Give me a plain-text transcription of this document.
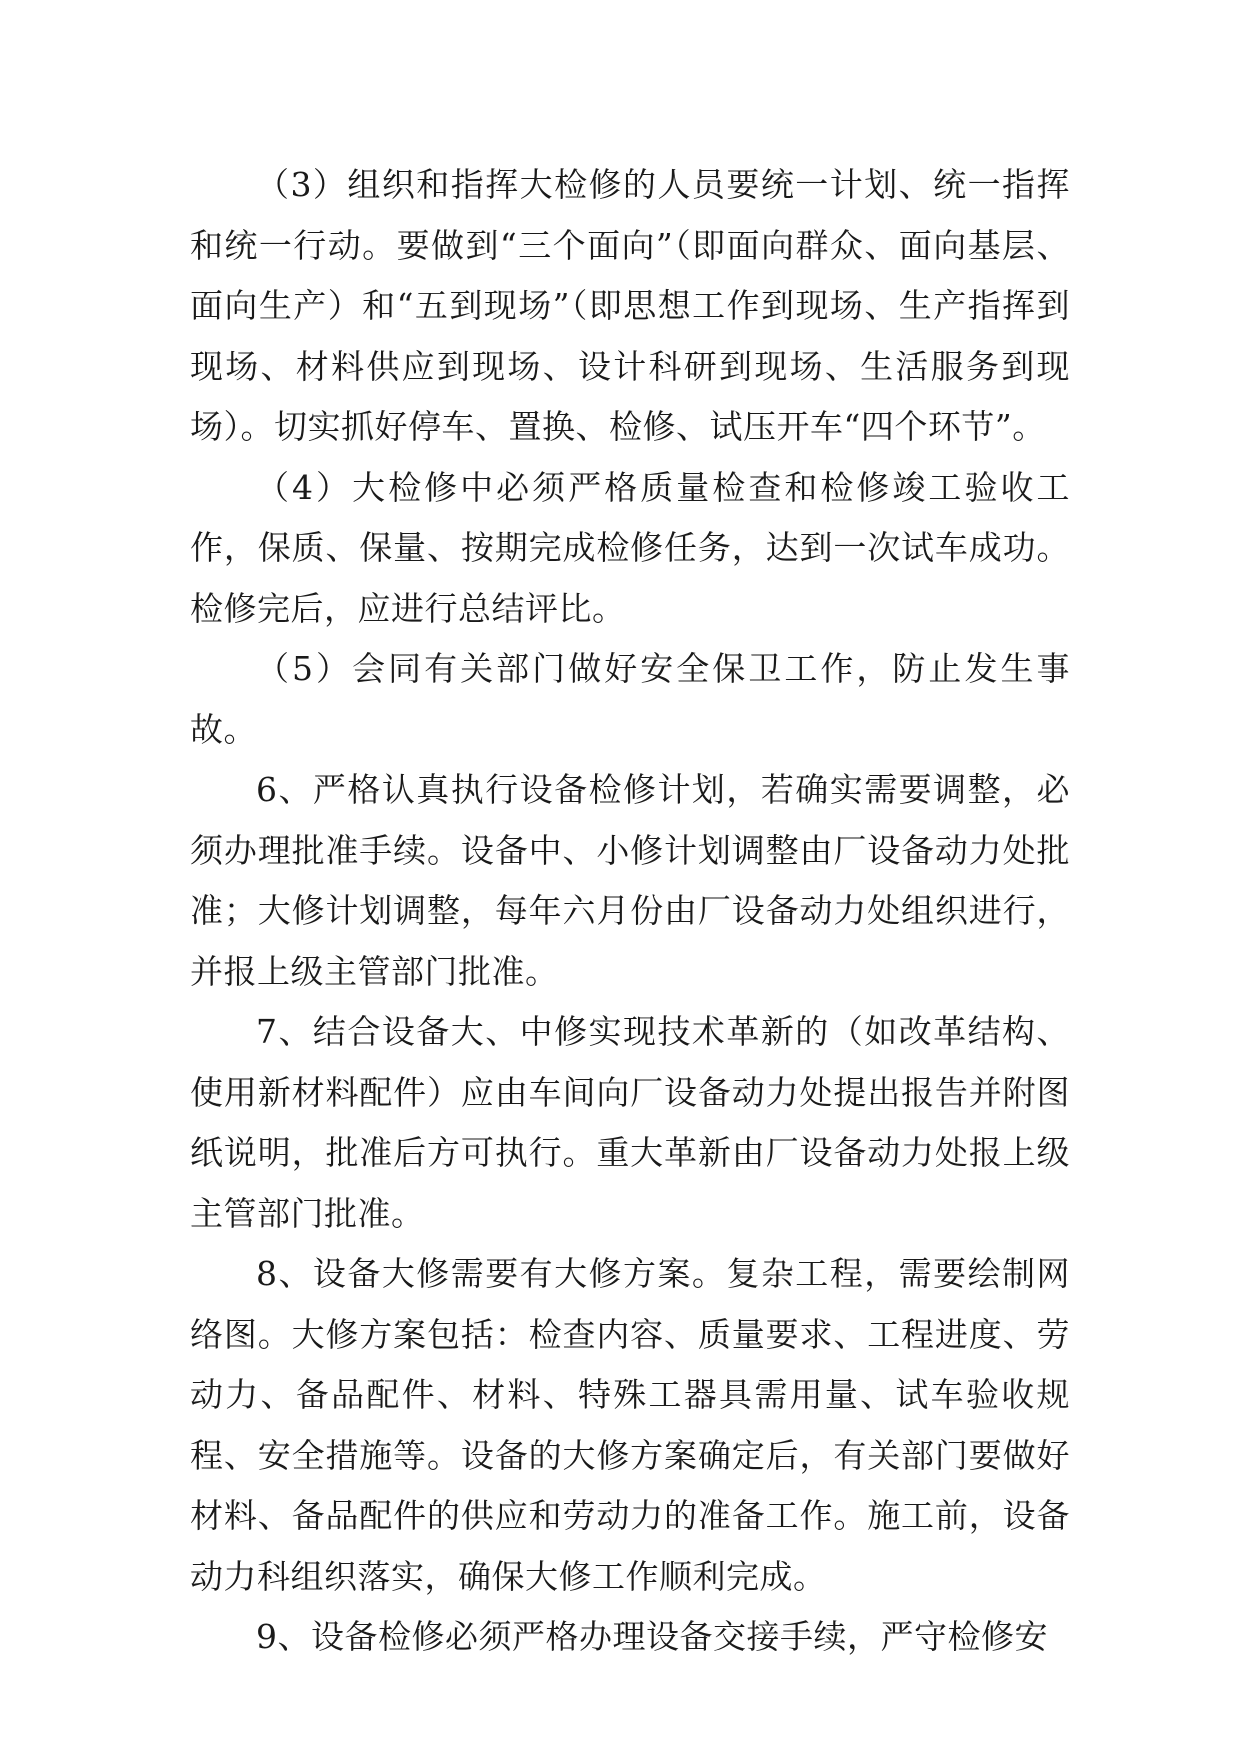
（3）组织和指挥大检修的人员要统一计划、统一指挥和统一行动。要做到“三个面向”（即面向群众、面向基层、面向生产）和“五到现场”（即思想工作到现场、生产指挥到现场、材料供应到现场、设计科研到现场、生活服务到现场）。切实抓好停车、置换、检修、试压开车“四个环节”。

（4）大检修中必须严格质量检查和检修竣工验收工作，保质、保量、按期完成检修任务，达到一次试车成功。检修完后，应进行总结评比。

（5）会同有关部门做好安全保卫工作，防止发生事故。

6、严格认真执行设备检修计划，若确实需要调整，必须办理批准手续。设备中、小修计划调整由厂设备动力处批准；大修计划调整，每年六月份由厂设备动力处组织进行，并报上级主管部门批准。

7、结合设备大、中修实现技术革新的（如改革结构、使用新材料配件）应由车间向厂设备动力处提出报告并附图纸说明，批准后方可执行。重大革新由厂设备动力处报上级主管部门批准。

8、设备大修需要有大修方案。复杂工程，需要绘制网络图。大修方案包括：检查内容、质量要求、工程进度、劳动力、备品配件、材料、特殊工器具需用量、试车验收规程、安全措施等。设备的大修方案确定后，有关部门要做好材料、备品配件的供应和劳动力的准备工作。施工前，设备动力科组织落实，确保大修工作顺利完成。

9、设备检修必须严格办理设备交接手续，严守检修安
